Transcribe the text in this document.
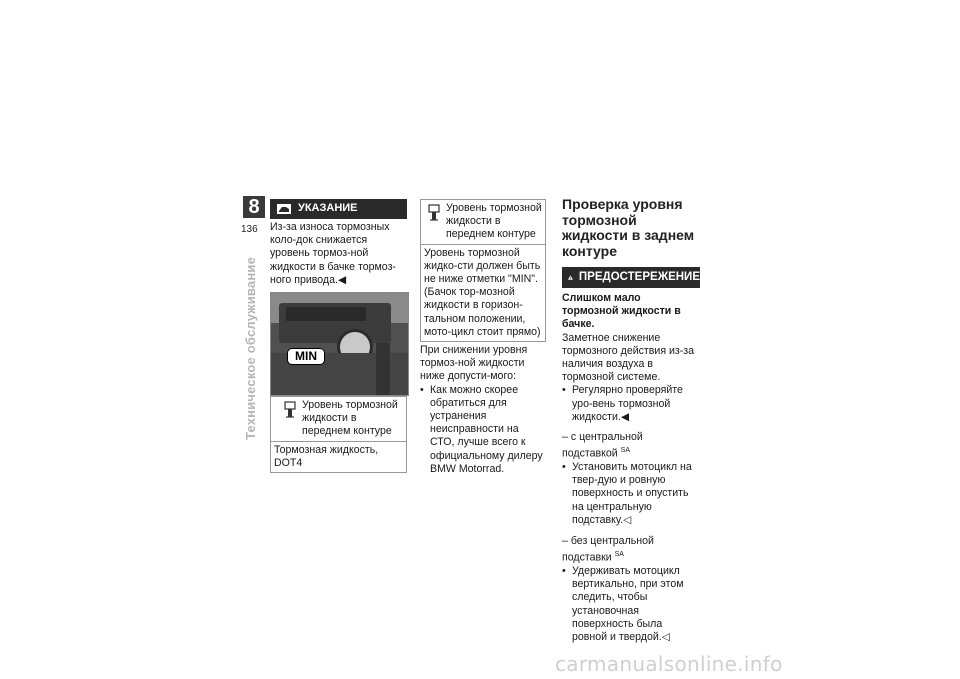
8
136
Техническое обслуживание
УКАЗАНИЕ

Из-за износа тормозных коло-док снижается уровень тормоз-ной жидкости в бачке тормоз-ного привода.◀

MIN
Уровень тормозной жидкости в переднем контуре
Тормозная жидкость, DOT4
Уровень тормозной жидкости в переднем контуре
Уровень тормозной жидко-сти должен быть не ниже отметки "MIN". (Бачок тор-мозной жидкости в горизон-тальном положении, мото-цикл стоит прямо)

При снижении уровня тормоз-ной жидкости ниже допусти-мого:

• Как можно скорее обратиться для устранения неисправности на СТО, лучше всего к официальному дилеру BMW Motorrad.
Проверка уровня тормозной жидкости в заднем контуре
ПРЕДОСТЕРЕЖЕНИЕ

Слишком мало тормозной жидкости в бачке.

Заметное снижение тормозного действия из-за наличия воздуха в тормозной системе.

• Регулярно проверяйте уро-вень тормозной жидкости.◀

– с центральной подставкой $^{SA}$

• Установить мотоцикл на твер-дую и ровную поверхность и опустить на центральную подставку.◁

– без центральной подставки $^{SA}$

• Удерживать мотоцикл вертикально, при этом следить, чтобы установочная поверхность была ровной и твердой.◁
carmanualsonline.info
